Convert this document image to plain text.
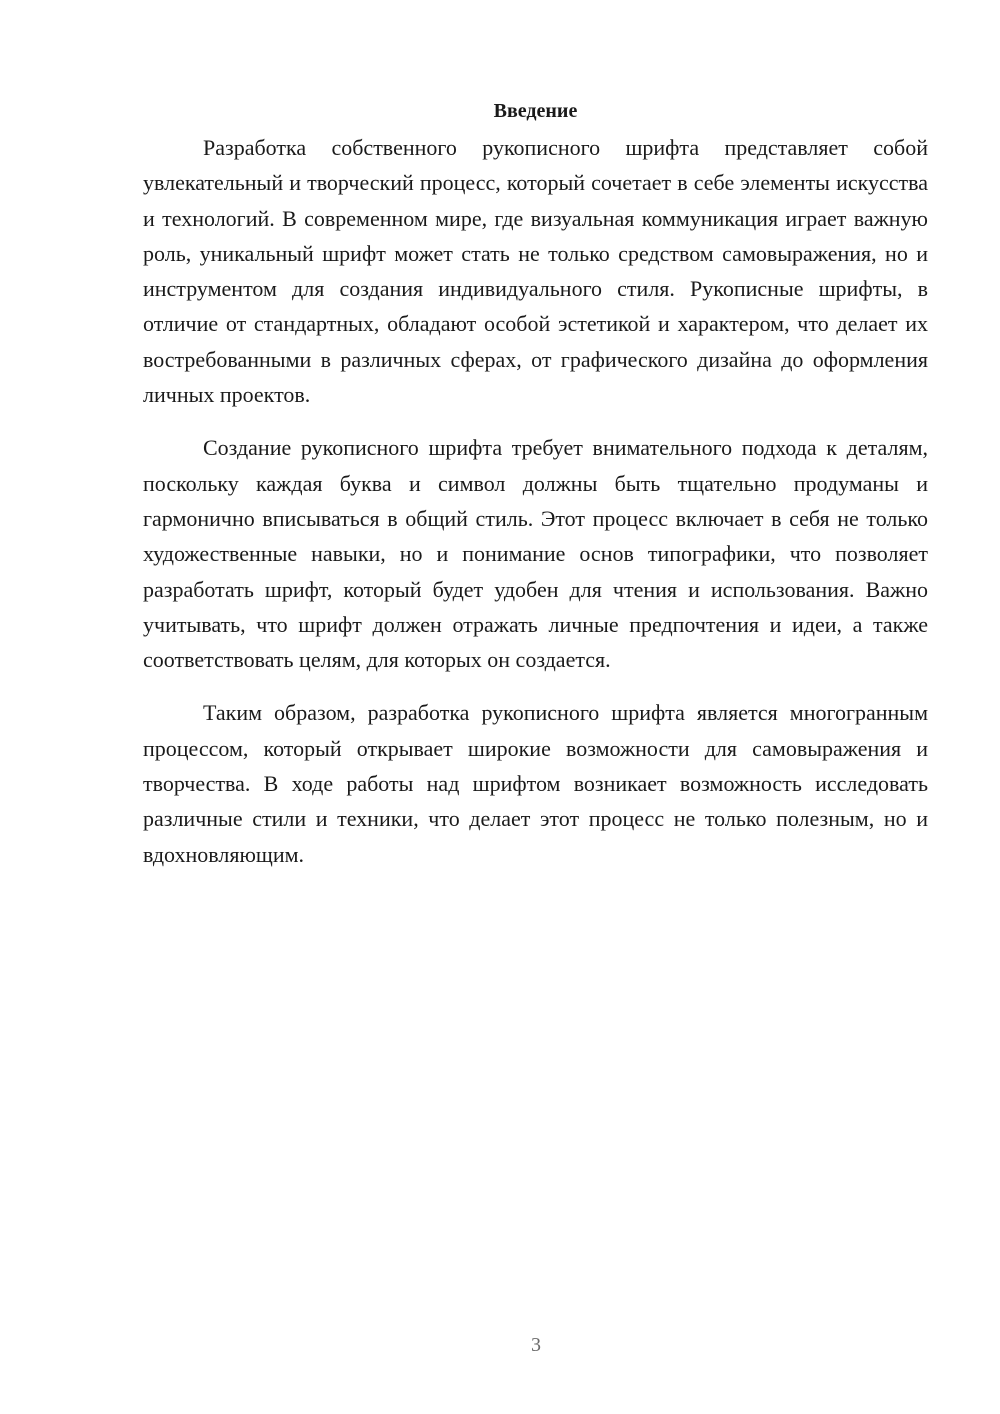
Введение

Разработка собственного рукописного шрифта представляет собой увлекательный и творческий процесс, который сочетает в себе элементы искусства и технологий. В современном мире, где визуальная коммуникация играет важную роль, уникальный шрифт может стать не только средством самовыражения, но и инструментом для создания индивидуального стиля. Рукописные шрифты, в отличие от стандартных, обладают особой эстетикой и характером, что делает их востребованными в различных сферах, от графического дизайна до оформления личных проектов.

Создание рукописного шрифта требует внимательного подхода к деталям, поскольку каждая буква и символ должны быть тщательно продуманы и гармонично вписываться в общий стиль. Этот процесс включает в себя не только художественные навыки, но и понимание основ типографики, что позволяет разработать шрифт, который будет удобен для чтения и использования. Важно учитывать, что шрифт должен отражать личные предпочтения и идеи, а также соответствовать целям, для которых он создается.

Таким образом, разработка рукописного шрифта является многогранным процессом, который открывает широкие возможности для самовыражения и творчества. В ходе работы над шрифтом возникает возможность исследовать различные стили и техники, что делает этот процесс не только полезным, но и вдохновляющим.

3
